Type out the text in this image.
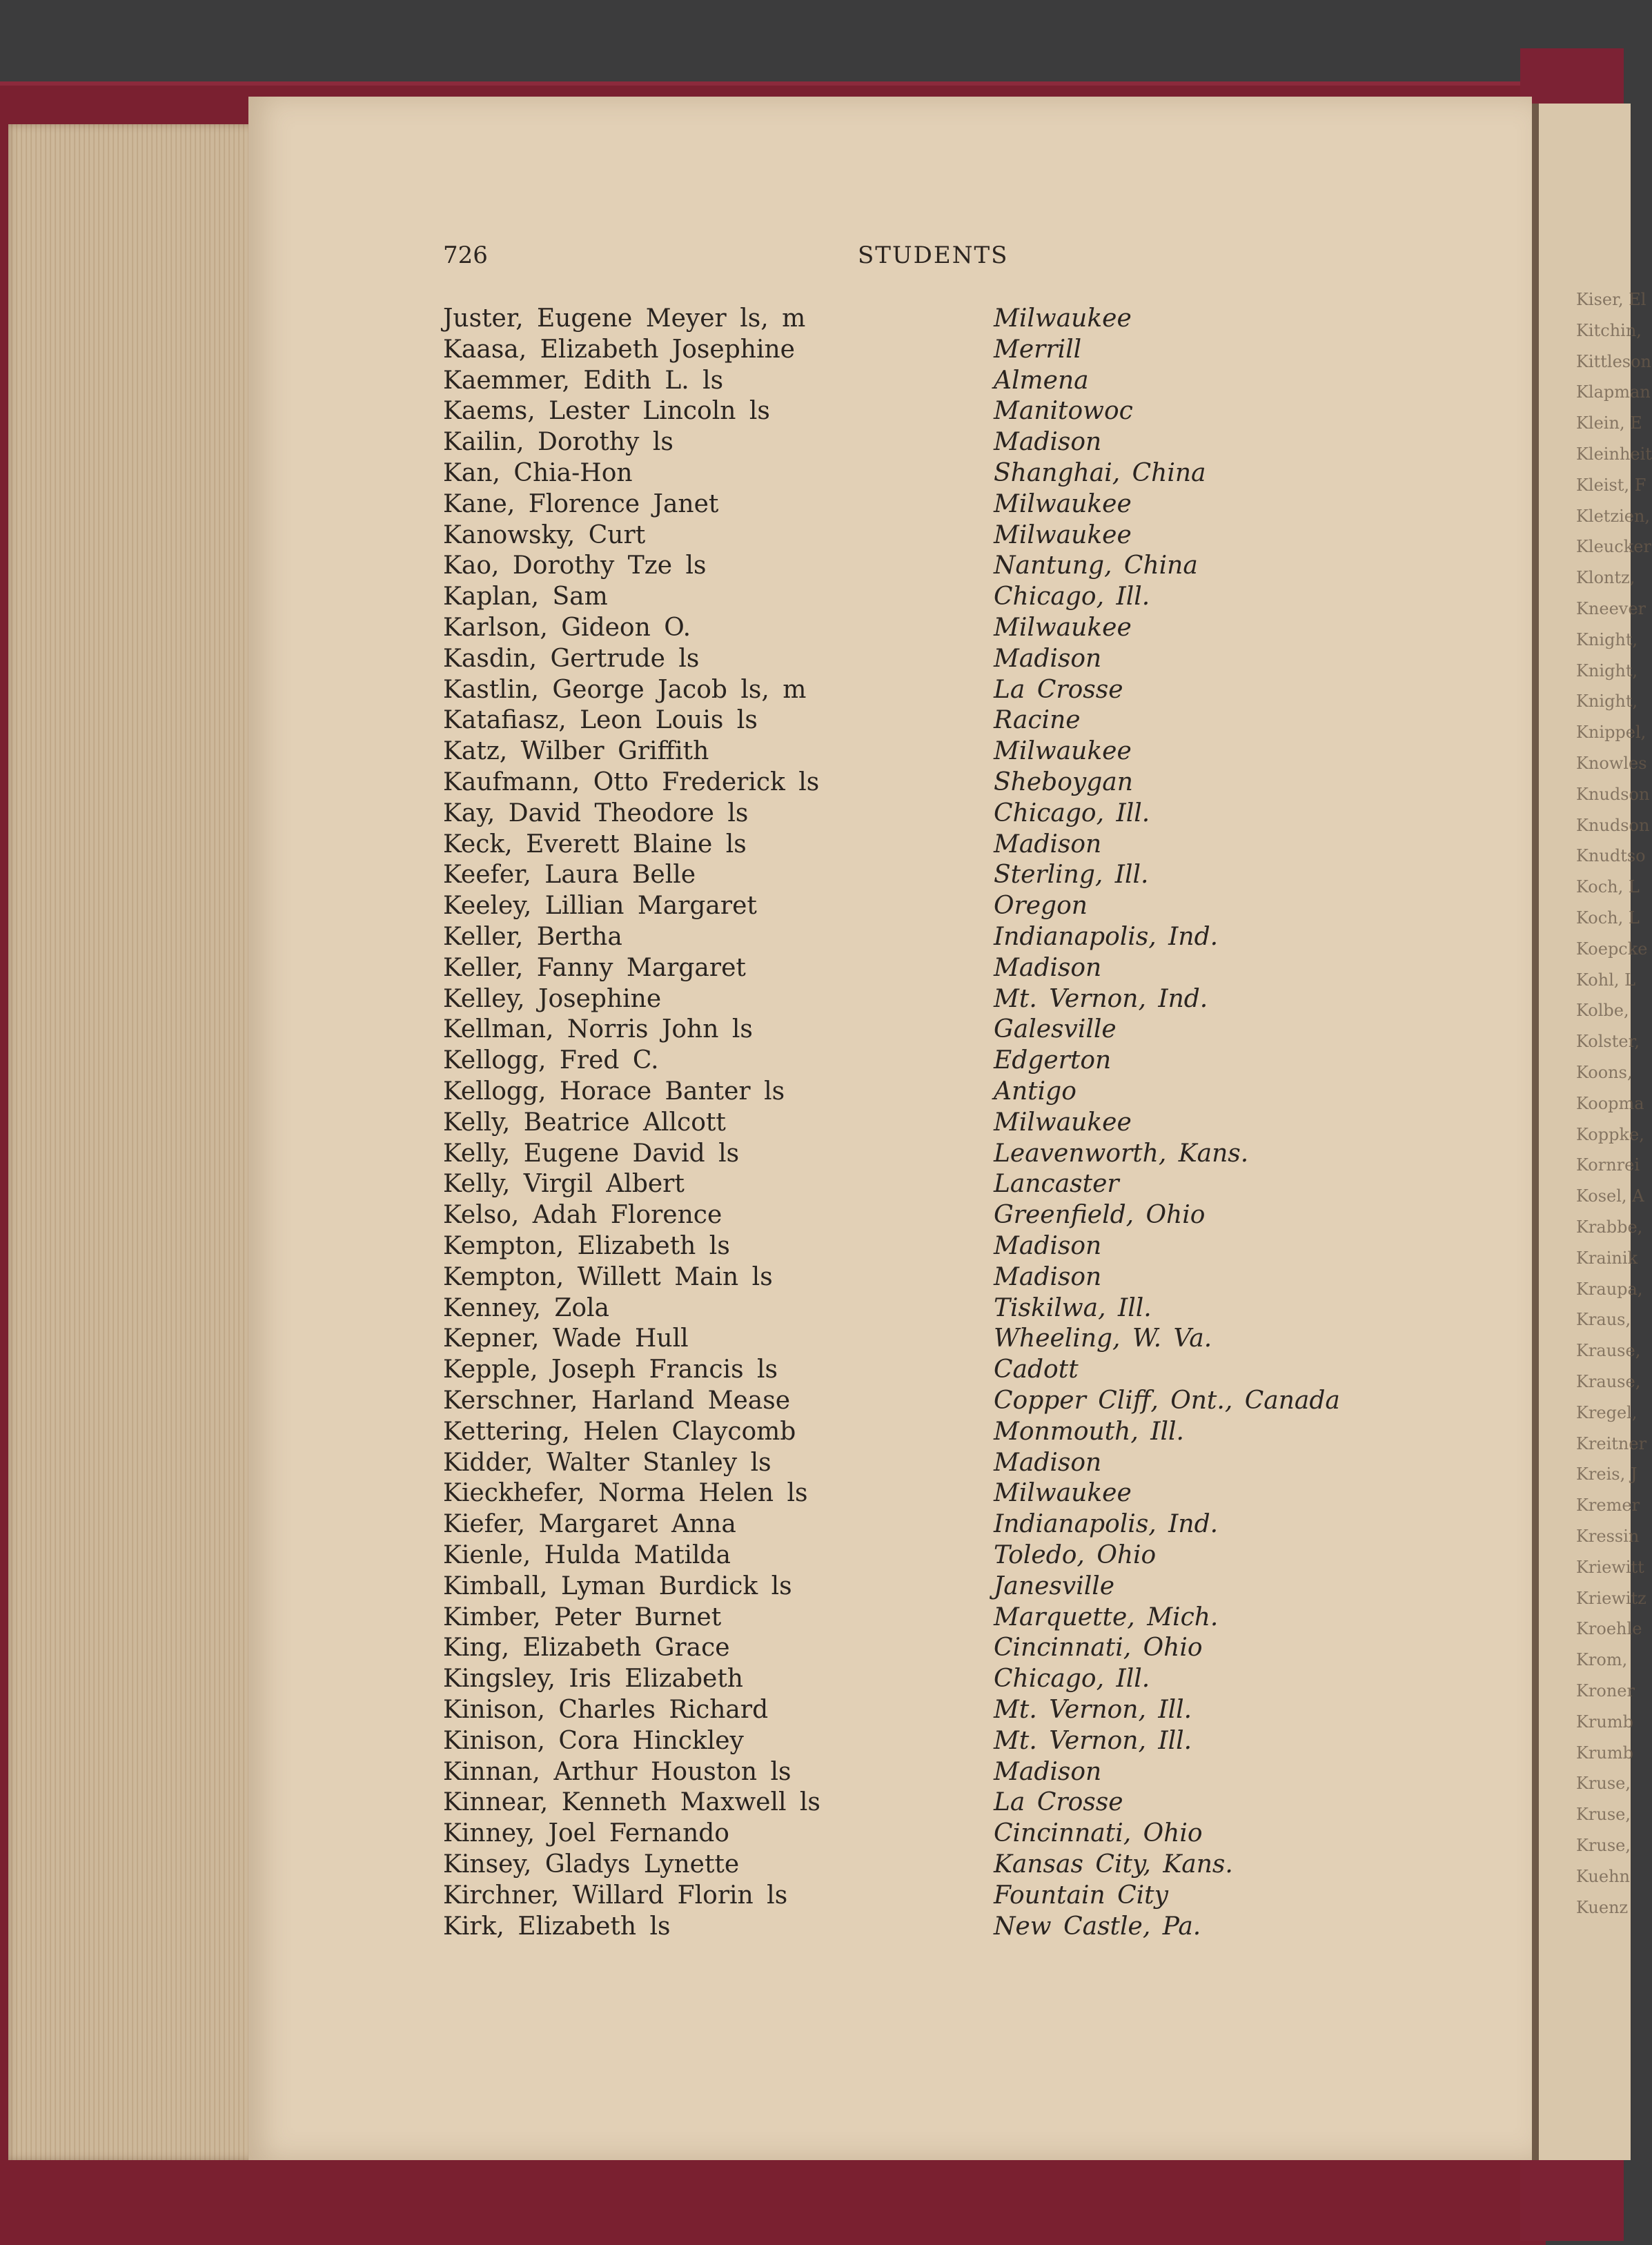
726	STUDENTS
Juster, Eugene Meyer ls, m	Milwaukee
Kaasa, Elizabeth Josephine	Merrill
Kaemmer, Edith L. ls	Almena
Kaems, Lester Lincoln ls	Manitowoc
Kailin, Dorothy ls	Madison
Kan, Chia-Hon	Shanghai, China
Kane, Florence Janet	Milwaukee
Kanowsky, Curt	Milwaukee
Kao, Dorothy Tze ls	Nantung, China
Kaplan, Sam	Chicago, Ill.
Karlson, Gideon O.	Milwaukee
Kasdin, Gertrude ls	Madison
Kastlin, George Jacob ls, m	La Crosse
Katafiasz, Leon Louis ls	Racine
Katz, Wilber Griffith	Milwaukee
Kaufmann, Otto Frederick ls	Sheboygan
Kay, David Theodore ls	Chicago, Ill.
Keck, Everett Blaine ls	Madison
Keefer, Laura Belle	Sterling, Ill.
Keeley, Lillian Margaret	Oregon
Keller, Bertha	Indianapolis, Ind.
Keller, Fanny Margaret	Madison
Kelley, Josephine	Mt. Vernon, Ind.
Kellman, Norris John ls	Galesville
Kellogg, Fred C.	Edgerton
Kellogg, Horace Banter ls	Antigo
Kelly, Beatrice Allcott	Milwaukee
Kelly, Eugene David ls	Leavenworth, Kans.
Kelly, Virgil Albert	Lancaster
Kelso, Adah Florence	Greenfield, Ohio
Kempton, Elizabeth ls	Madison
Kempton, Willett Main ls	Madison
Kenney, Zola	Tiskilwa, Ill.
Kepner, Wade Hull	Wheeling, W. Va.
Kepple, Joseph Francis ls	Cadott
Kerschner, Harland Mease	Copper Cliff, Ont., Canada
Kettering, Helen Claycomb	Monmouth, Ill.
Kidder, Walter Stanley ls	Madison
Kieckhefer, Norma Helen ls	Milwaukee
Kiefer, Margaret Anna	Indianapolis, Ind.
Kienle, Hulda Matilda	Toledo, Ohio
Kimball, Lyman Burdick ls	Janesville
Kimber, Peter Burnet	Marquette, Mich.
King, Elizabeth Grace	Cincinnati, Ohio
Kingsley, Iris Elizabeth	Chicago, Ill.
Kinison, Charles Richard	Mt. Vernon, Ill.
Kinison, Cora Hinckley	Mt. Vernon, Ill.
Kinnan, Arthur Houston ls	Madison
Kinnear, Kenneth Maxwell ls	La Crosse
Kinney, Joel Fernando	Cincinnati, Ohio
Kinsey, Gladys Lynette	Kansas City, Kans.
Kirchner, Willard Florin ls	Fountain City
Kirk, Elizabeth ls	New Castle, Pa.
Kiser, El
Kitchin,
Kittleson
Klapman
Klein, E
Kleinheit
Kleist, F
Kletzien,
Kleucker
Klontz,
Kneever
Knight,
Knight,
Knight,
Knippel,
Knowles
Knudson
Knudson
Knudtso
Koch, L
Koch, L
Koepcke
Kohl, L
Kolbe,
Kolster,
Koons,
Koopma
Koppke,
Kornrei
Kosel, A
Krabbe,
Krainik
Kraupa,
Kraus,
Krause,
Krause,
Kregel,
Kreitner
Kreis, J
Kremer
Kressin
Kriewitt
Kriewitz
Kroehle
Krom,
Kroner
Krumb
Krumb
Kruse,
Kruse,
Kruse,
Kuehn
Kuenz
